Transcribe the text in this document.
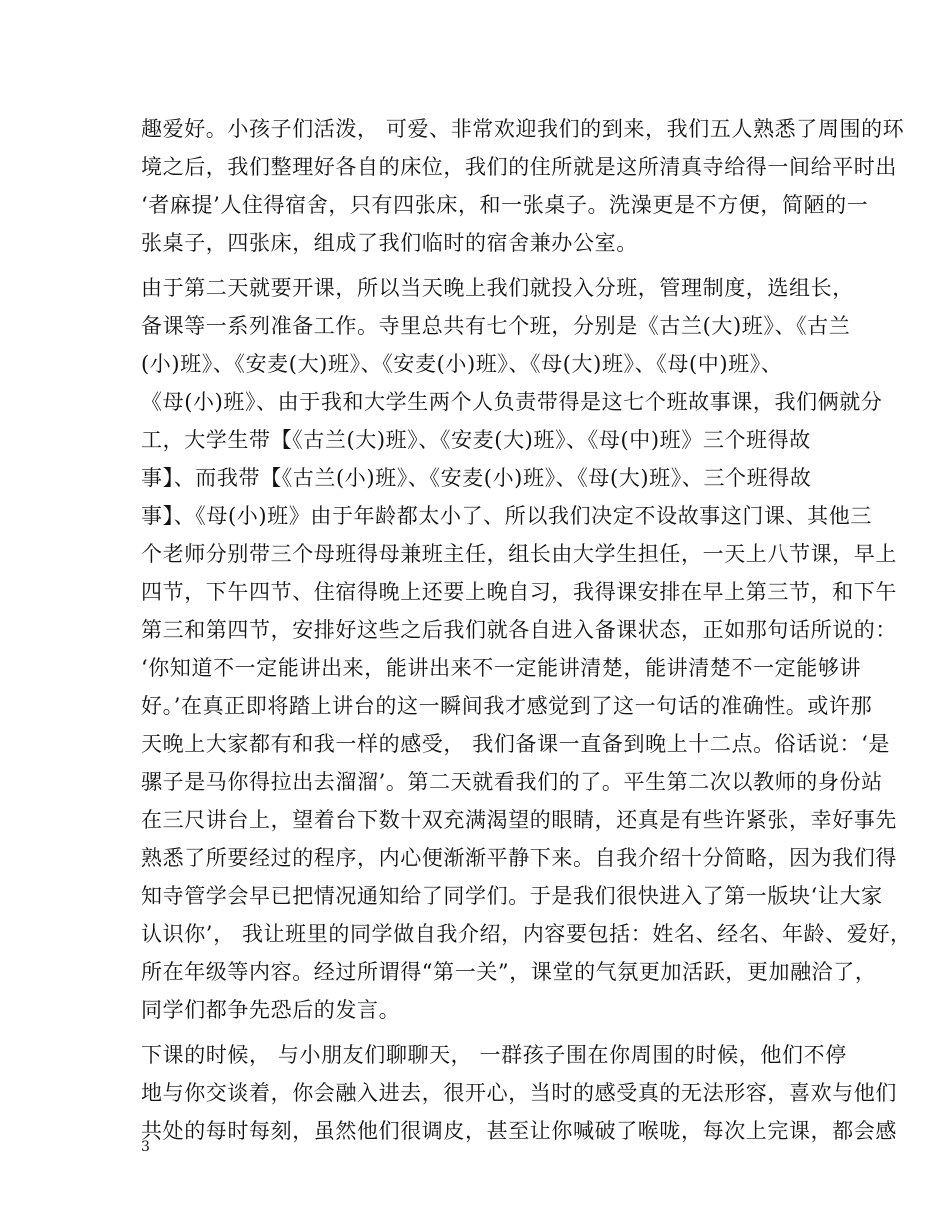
趣爱好。小孩子们活泼， 可爱、非常欢迎我们的到来，我们五人熟悉了周围的环
境之后，我们整理好各自的床位，我们的住所就是这所清真寺给得一间给平时出
‘者麻提’人住得宿舍，只有四张床，和一张桌子。洗澡更是不方便，简陋的一
张桌子，四张床，组成了我们临时的宿舍兼办公室。
由于第二天就要开课，所以当天晚上我们就投入分班，管理制度，选组长，
备课等一系列准备工作。寺里总共有七个班，分别是《古兰(大)班》、《古兰
(小)班》、《安麦(大)班》、《安麦(小)班》、《母(大)班》、《母(中)班》、
《母(小)班》、由于我和大学生两个人负责带得是这七个班故事课，我们俩就分
工，大学生带【《古兰(大)班》、《安麦(大)班》、《母(中)班》三个班得故
事】、而我带【《古兰(小)班》、《安麦(小)班》、《母(大)班》、三个班得故
事】、《母(小)班》由于年龄都太小了、所以我们决定不设故事这门课、其他三
个老师分别带三个母班得母兼班主任，组长由大学生担任，一天上八节课，早上
四节，下午四节、住宿得晚上还要上晚自习，我得课安排在早上第三节，和下午
第三和第四节，安排好这些之后我们就各自进入备课状态，正如那句话所说的：
‘你知道不一定能讲出来，能讲出来不一定能讲清楚，能讲清楚不一定能够讲
好。’在真正即将踏上讲台的这一瞬间我才感觉到了这一句话的准确性。或许那
天晚上大家都有和我一样的感受， 我们备课一直备到晚上十二点。俗话说：‘是
骡子是马你得拉出去溜溜’。第二天就看我们的了。平生第二次以教师的身份站
在三尺讲台上，望着台下数十双充满渴望的眼睛，还真是有些许紧张，幸好事先
熟悉了所要经过的程序，内心便渐渐平静下来。自我介绍十分简略，因为我们得
知寺管学会早已把情况通知给了同学们。于是我们很快进入了第一版块‘让大家
认识你’， 我让班里的同学做自我介绍，内容要包括：姓名、经名、年龄、爱好，
所在年级等内容。经过所谓得“第一关”，课堂的气氛更加活跃，更加融洽了，
同学们都争先恐后的发言。
下课的时候， 与小朋友们聊聊天， 一群孩子围在你周围的时候，他们不停
地与你交谈着，你会融入进去，很开心，当时的感受真的无法形容，喜欢与他们
共处的每时每刻，虽然他们很调皮，甚至让你喊破了喉咙，每次上完课，都会感
3
